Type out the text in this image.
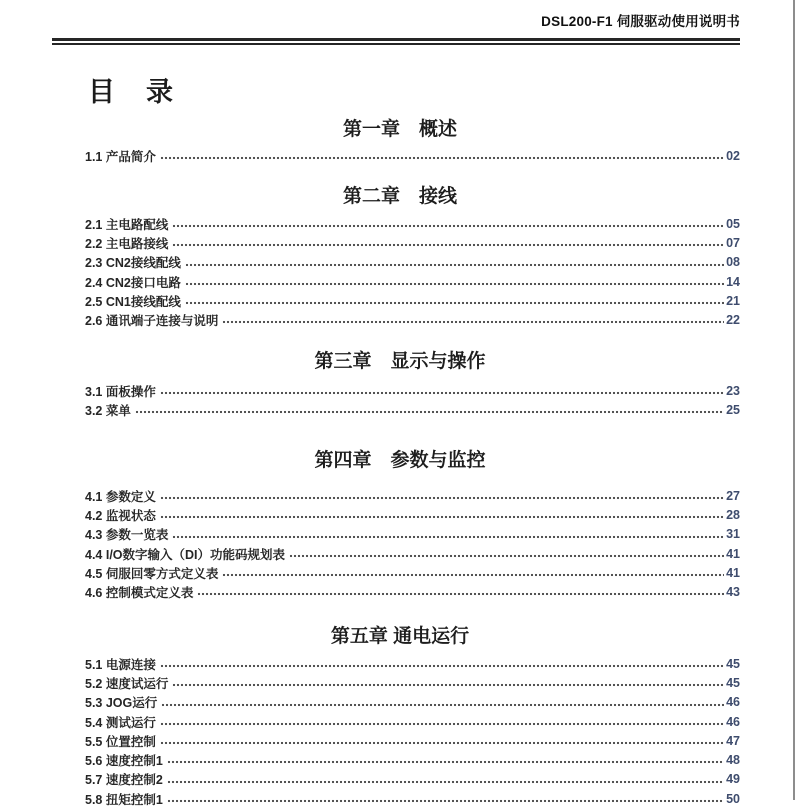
DSL200-F1 伺服驱动使用说明书
目　录
第一章　概述
1.1 产品简介	02
第二章　接线
2.1 主电路配线	05
2.2 主电路接线	07
2.3 CN2接线配线	08
2.4 CN2接口电路	14
2.5 CN1接线配线	21
2.6 通讯端子连接与说明	22
第三章　显示与操作
3.1 面板操作	23
3.2 菜单	25
第四章　参数与监控
4.1 参数定义	27
4.2 监视状态	28
4.3 参数一览表	31
4.4 I/O数字输入（DI）功能码规划表	41
4.5 伺服回零方式定义表	41
4.6 控制模式定义表	43
第五章 通电运行
5.1 电源连接	45
5.2 速度试运行	45
5.3 JOG运行	46
5.4 测试运行	46
5.5 位置控制	47
5.6 速度控制1	48
5.7 速度控制2	49
5.8 扭矩控制1	50
